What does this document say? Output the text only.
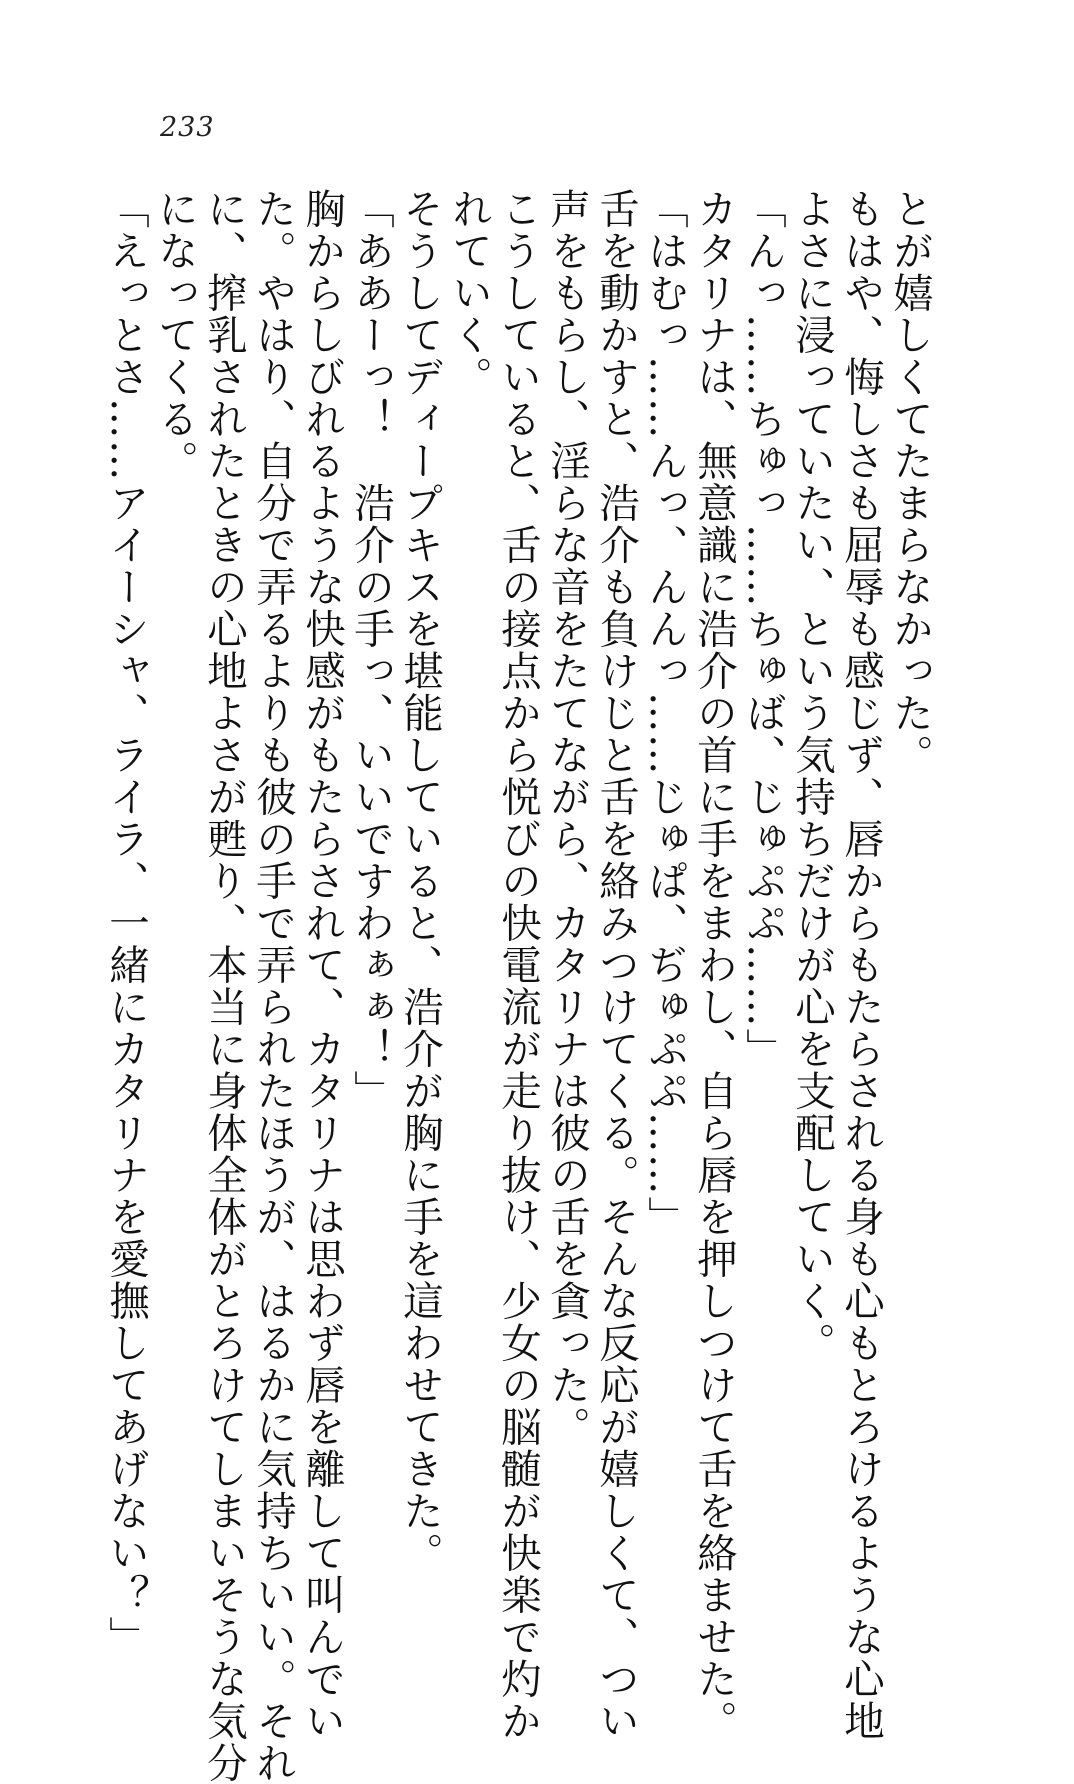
233
とが嬉しくてたまらなかった。
もはや、悔しさも屈辱も感じず、唇からもたらされる身も心もとろけるような心地
よさに浸っていたい、という気持ちだけが心を支配していく。
「んっ……ちゅっ……ちゅば、じゅぷぷ……」
カタリナは、無意識に浩介の首に手をまわし、自ら唇を押しつけて舌を絡ませた。
「はむっ……んっ、んんっ……じゅぱ、ぢゅぷぷ……」
舌を動かすと、浩介も負けじと舌を絡みつけてくる。そんな反応が嬉しくて、つい
声をもらし、淫らな音をたてながら、カタリナは彼の舌を貪った。
こうしていると、舌の接点から悦びの快電流が走り抜け、少女の脳髄が快楽で灼か
れていく。
そうしてディープキスを堪能していると、浩介が胸に手を這わせてきた。
「ああーっ！　浩介の手っ、いいですわぁぁ！」
胸からしびれるような快感がもたらされて、カタリナは思わず唇を離して叫んでい
た。やはり、自分で弄るよりも彼の手で弄られたほうが、はるかに気持ちいい。それ
に、搾乳されたときの心地よさが甦り、本当に身体全体がとろけてしまいそうな気分
になってくる。
「えっとさ……アイーシャ、ライラ、一緒にカタリナを愛撫してあげない？」
